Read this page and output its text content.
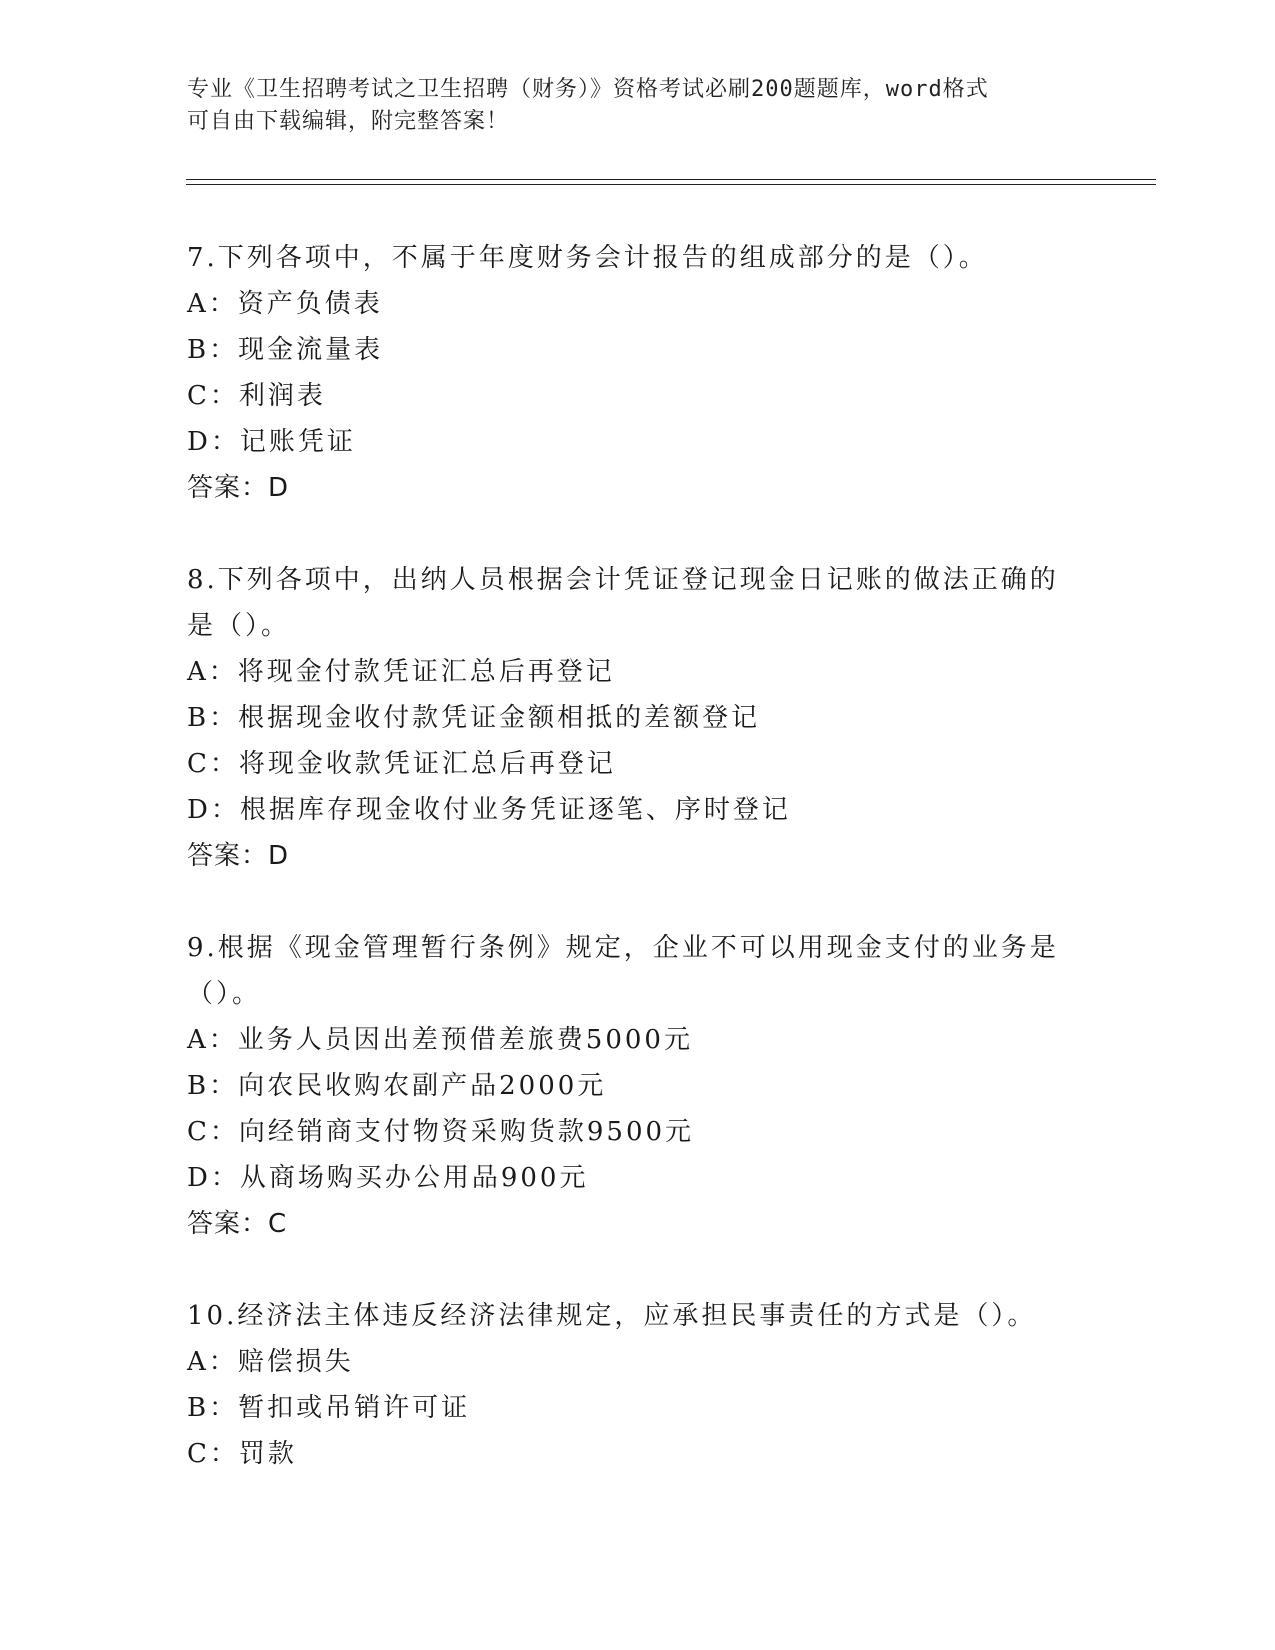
专业《卫生招聘考试之卫生招聘（财务）》资格考试必刷200题题库，word格式
可自由下载编辑，附完整答案！
7.下列各项中，不属于年度财务会计报告的组成部分的是（）。
A：资产负债表
B：现金流量表
C：利润表
D：记账凭证
答案：D
8.下列各项中，出纳人员根据会计凭证登记现金日记账的做法正确的是（）。
A：将现金付款凭证汇总后再登记
B：根据现金收付款凭证金额相抵的差额登记
C：将现金收款凭证汇总后再登记
D：根据库存现金收付业务凭证逐笔、序时登记
答案：D
9.根据《现金管理暂行条例》规定，企业不可以用现金支付的业务是（）。
A：业务人员因出差预借差旅费5000元
B：向农民收购农副产品2000元
C：向经销商支付物资采购货款9500元
D：从商场购买办公用品900元
答案：C
10.经济法主体违反经济法律规定，应承担民事责任的方式是（）。
A：赔偿损失
B：暂扣或吊销许可证
C：罚款
